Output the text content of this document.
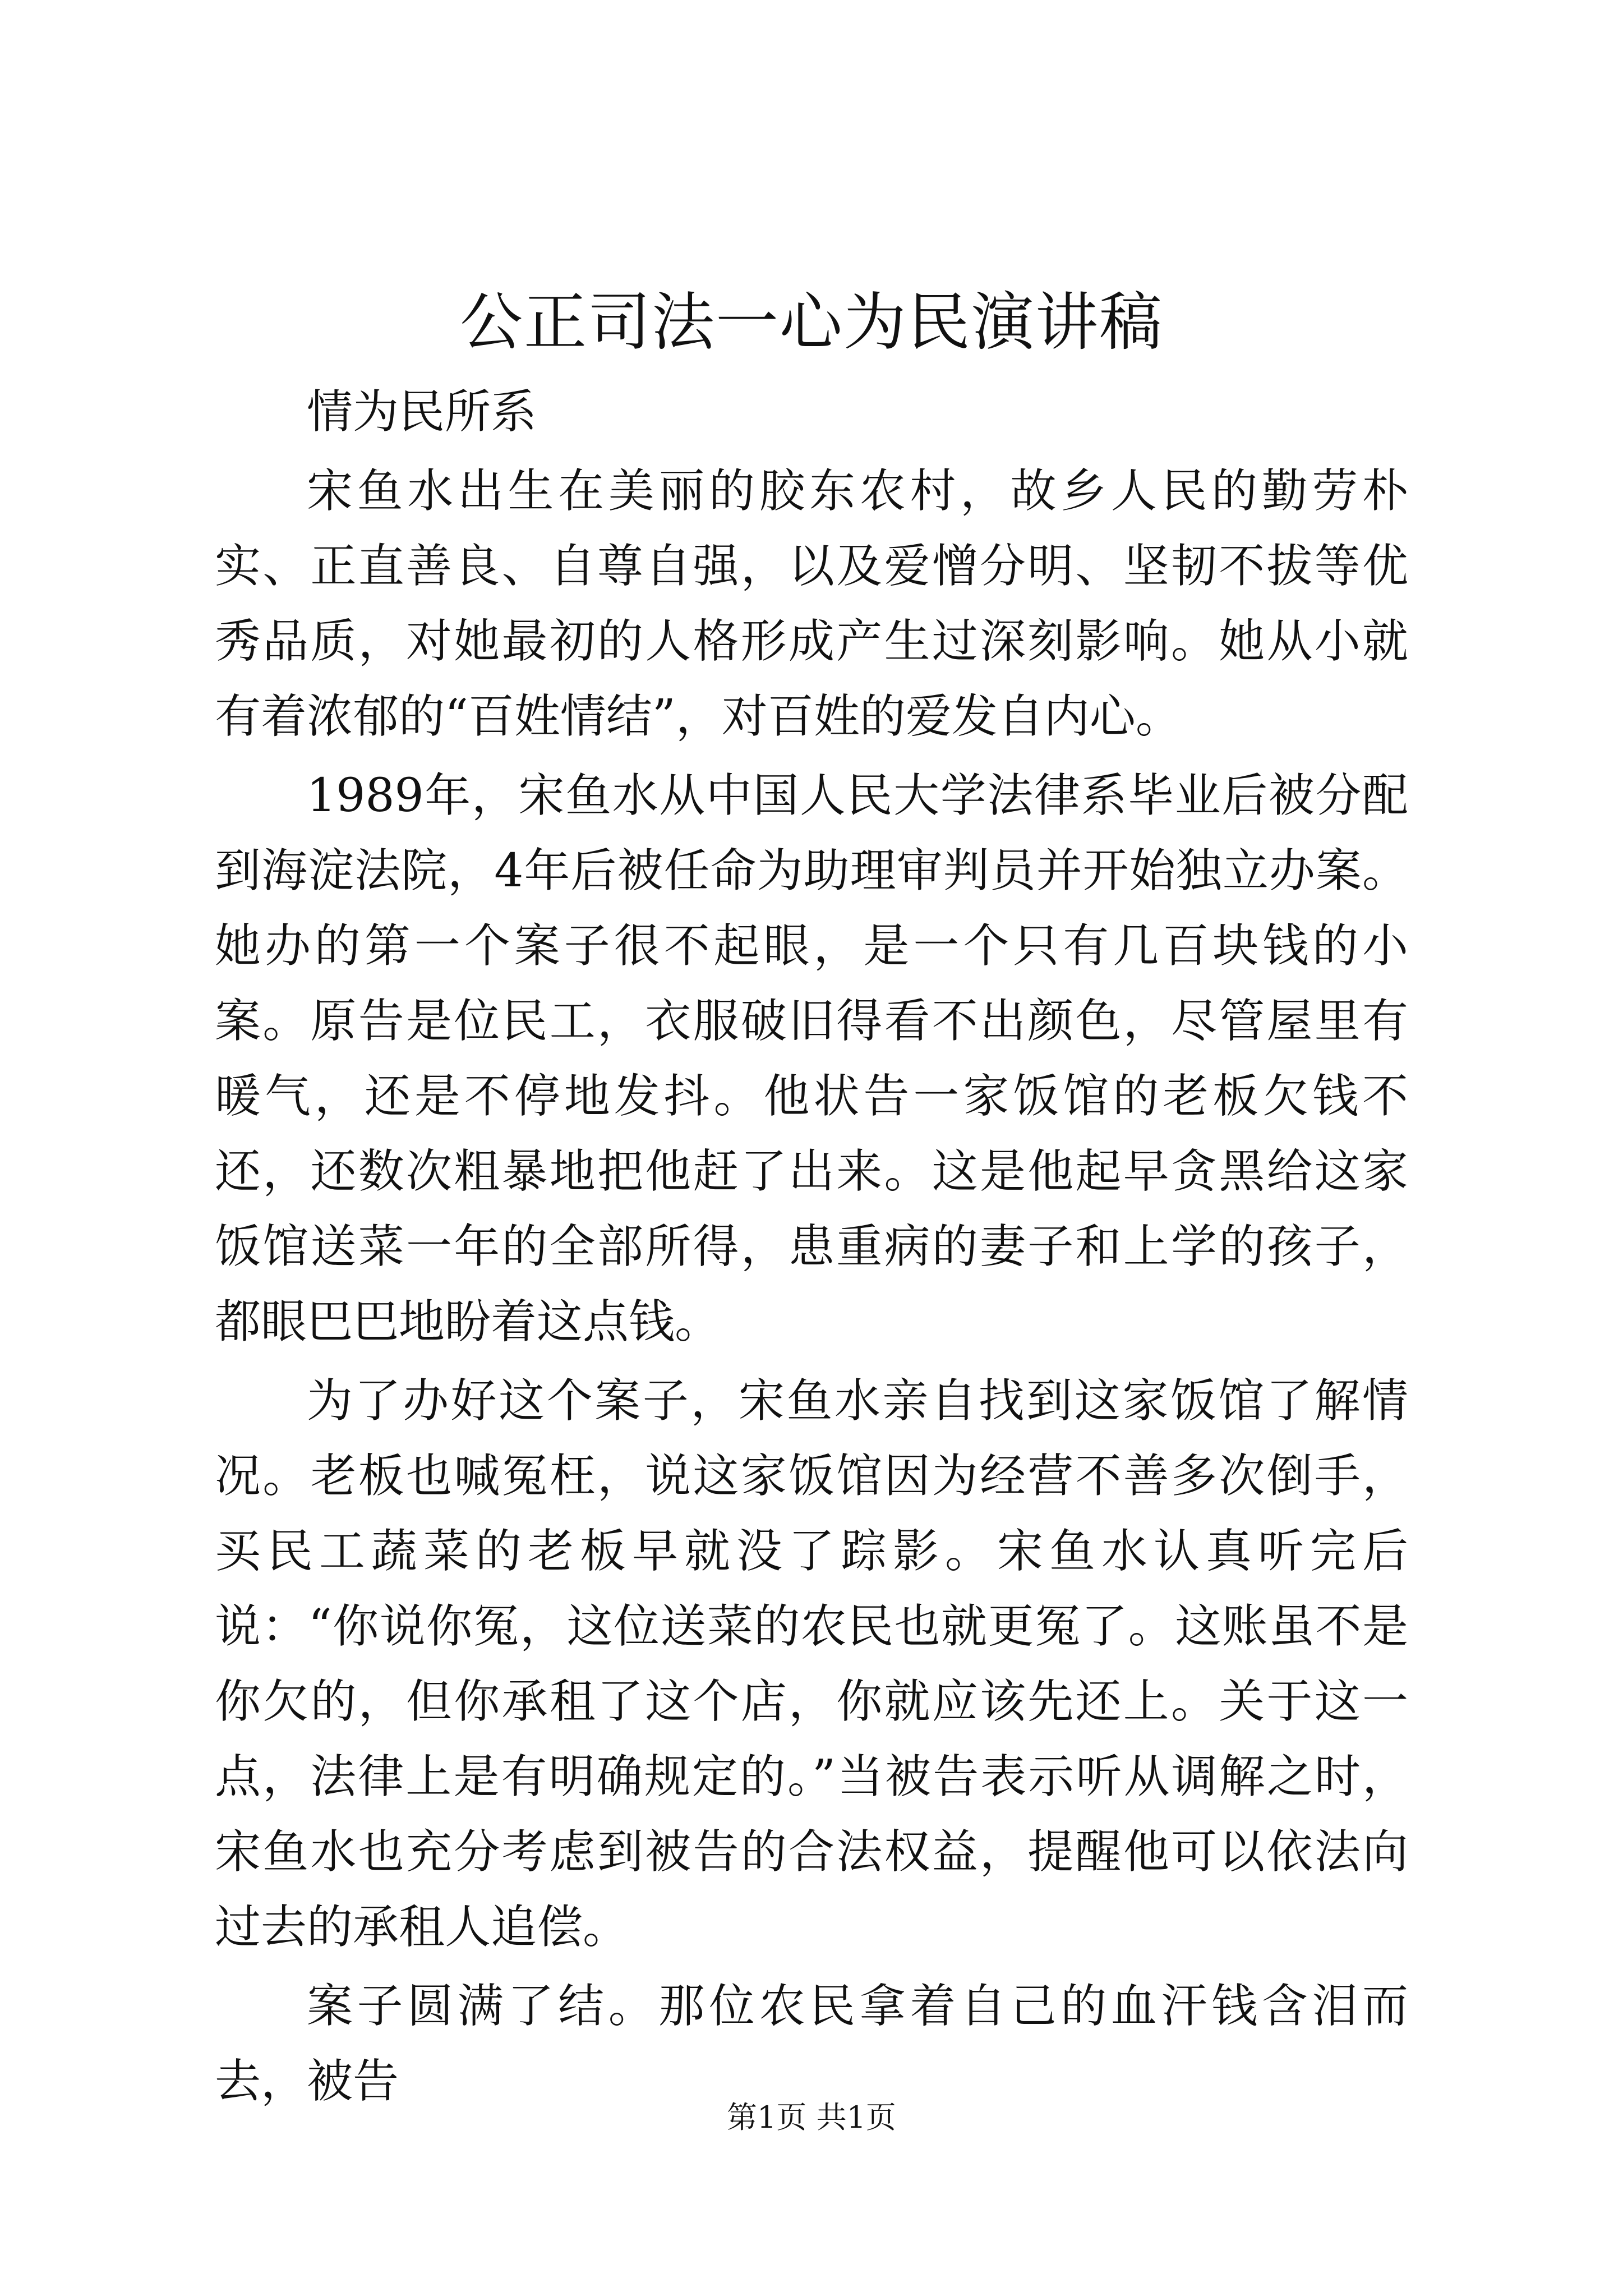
公正司法一心为民演讲稿

情为民所系

宋鱼水出生在美丽的胶东农村，故乡人民的勤劳朴实、正直善良、自尊自强，以及爱憎分明、坚韧不拔等优秀品质，对她最初的人格形成产生过深刻影响。她从小就有着浓郁的“百姓情结”，对百姓的爱发自内心。

1989年，宋鱼水从中国人民大学法律系毕业后被分配到海淀法院，4年后被任命为助理审判员并开始独立办案。她办的第一个案子很不起眼，是一个只有几百块钱的小案。原告是位民工，衣服破旧得看不出颜色，尽管屋里有暖气，还是不停地发抖。他状告一家饭馆的老板欠钱不还，还数次粗暴地把他赶了出来。这是他起早贪黑给这家饭馆送菜一年的全部所得，患重病的妻子和上学的孩子，都眼巴巴地盼着这点钱。

为了办好这个案子，宋鱼水亲自找到这家饭馆了解情况。老板也喊冤枉，说这家饭馆因为经营不善多次倒手，买民工蔬菜的老板早就没了踪影。宋鱼水认真听完后说：“你说你冤，这位送菜的农民也就更冤了。这账虽不是你欠的，但你承租了这个店，你就应该先还上。关于这一点，法律上是有明确规定的。”当被告表示听从调解之时，宋鱼水也充分考虑到被告的合法权益，提醒他可以依法向过去的承租人追偿。

案子圆满了结。那位农民拿着自己的血汗钱含泪而去，被告

第1页 共1页
